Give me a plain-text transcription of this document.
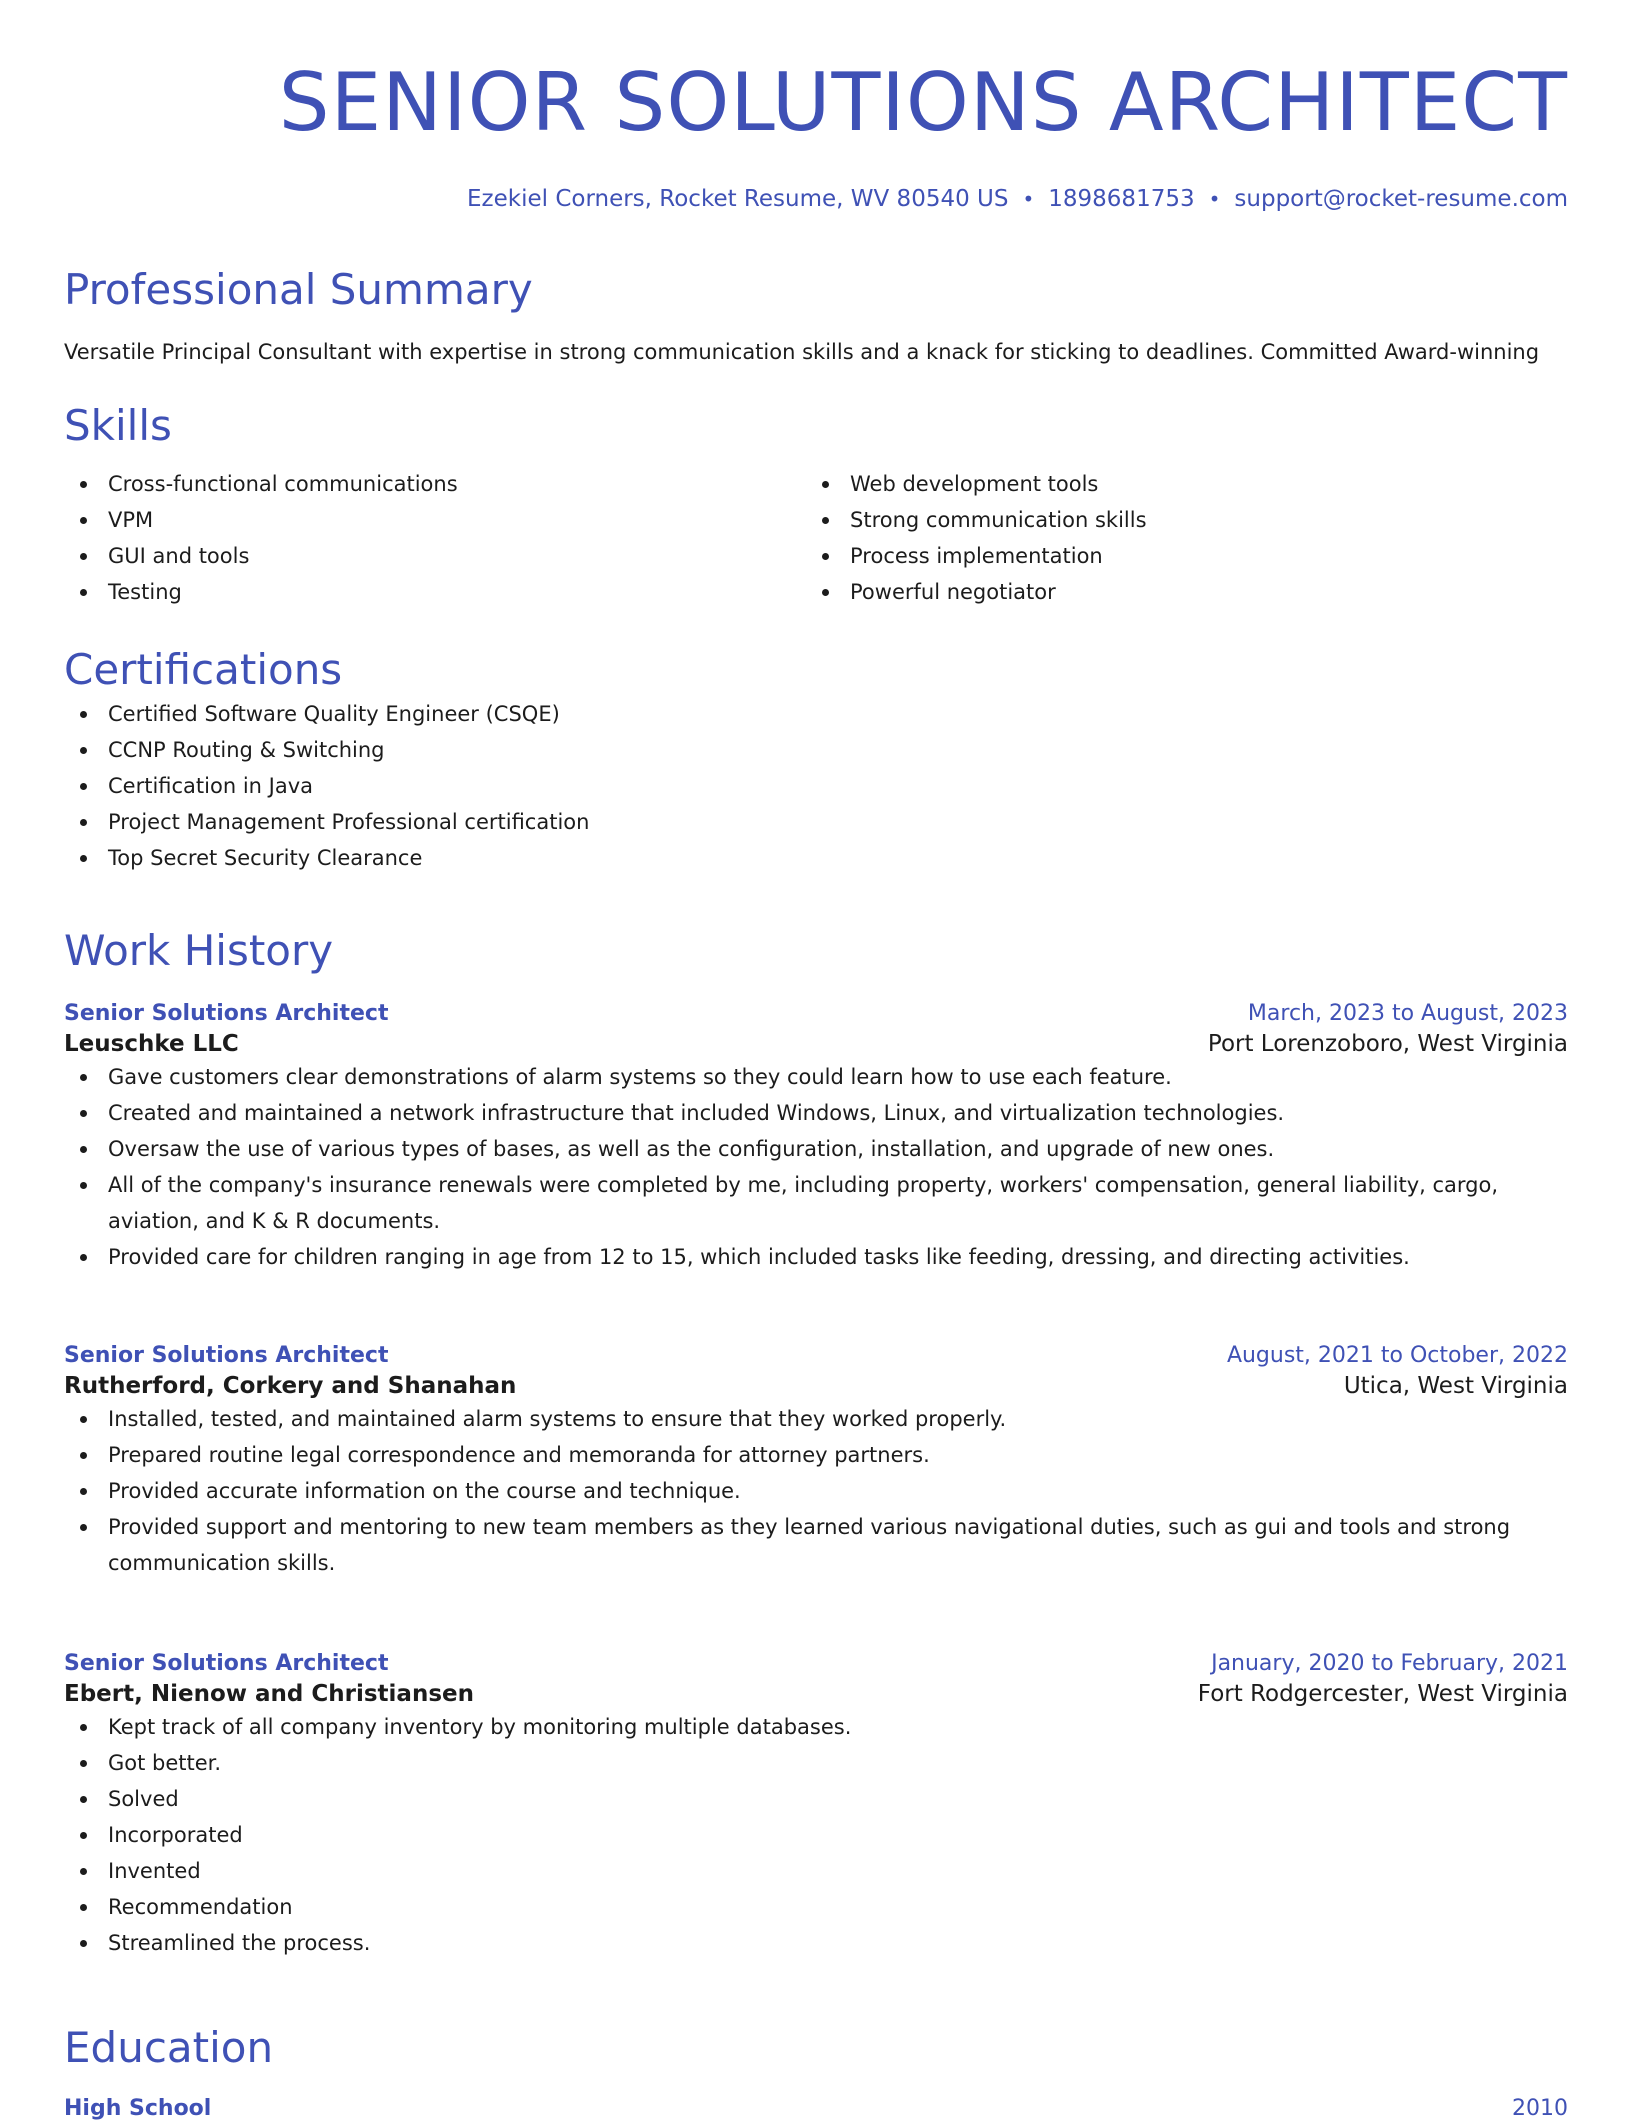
SENIOR SOLUTIONS ARCHITECT
Ezekiel Corners, Rocket Resume, WV 80540 US • 1898681753 • support@rocket-resume.com
Professional Summary

Versatile Principal Consultant with expertise in strong communication skills and a knack for sticking to deadlines. Committed Award-winning

Skills
Cross-functional communications
VPM
GUI and tools
Testing
Web development tools
Strong communication skills
Process implementation
Powerful negotiator
Certifications
Certified Software Quality Engineer (CSQE)
CCNP Routing & Switching
Certification in Java
Project Management Professional certification
Top Secret Security Clearance
Work History
Senior Solutions Architect	March, 2023 to August, 2023
Leuschke LLC	Port Lorenzoboro, West Virginia
Gave customers clear demonstrations of alarm systems so they could learn how to use each feature.
Created and maintained a network infrastructure that included Windows, Linux, and virtualization technologies.
Oversaw the use of various types of bases, as well as the configuration, installation, and upgrade of new ones.
All of the company's insurance renewals were completed by me, including property, workers' compensation, general liability, cargo, aviation, and K & R documents.
Provided care for children ranging in age from 12 to 15, which included tasks like feeding, dressing, and directing activities.
Senior Solutions Architect	August, 2021 to October, 2022
Rutherford, Corkery and Shanahan	Utica, West Virginia
Installed, tested, and maintained alarm systems to ensure that they worked properly.
Prepared routine legal correspondence and memoranda for attorney partners.
Provided accurate information on the course and technique.
Provided support and mentoring to new team members as they learned various navigational duties, such as gui and tools and strong communication skills.
Senior Solutions Architect	January, 2020 to February, 2021
Ebert, Nienow and Christiansen	Fort Rodgercester, West Virginia
Kept track of all company inventory by monitoring multiple databases.
Got better.
Solved
Incorporated
Invented
Recommendation
Streamlined the process.
Education
High School	2010
